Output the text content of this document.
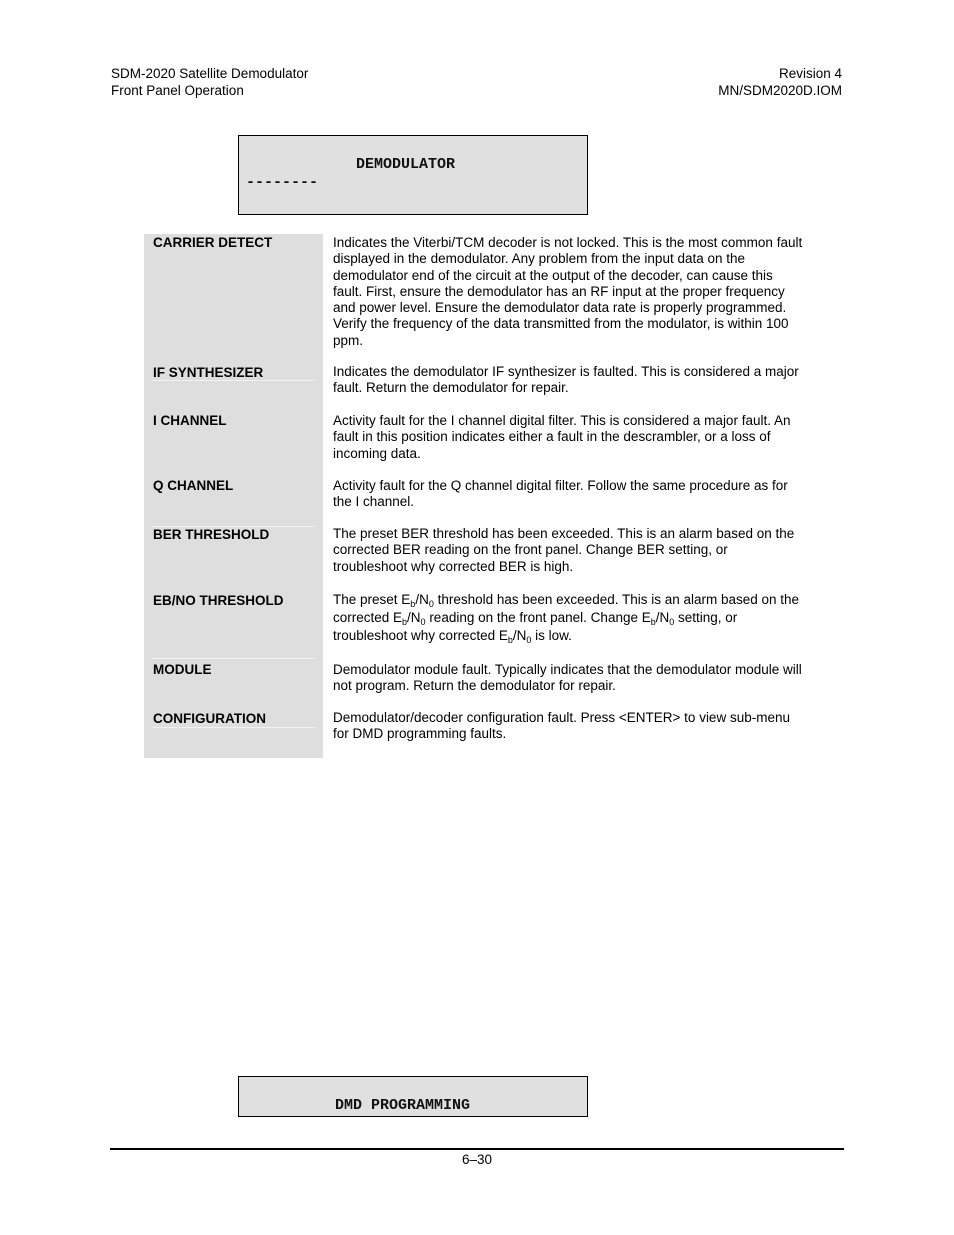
SDM-2020 Satellite Demodulator
Front Panel Operation
Revision 4
MN/SDM2020D.IOM
DEMODULATOR
--------
CARRIER DETECT	Indicates the Viterbi/TCM decoder is not locked. This is the most common fault displayed in the demodulator. Any problem from the input data on the demodulator end of the circuit at the output of the decoder, can cause this fault. First, ensure the demodulator has an RF input at the proper frequency and power level. Ensure the demodulator data rate is properly programmed. Verify the frequency of the data transmitted from the modulator, is within 100 ppm.
IF SYNTHESIZER	Indicates the demodulator IF synthesizer is faulted. This is considered a major fault. Return the demodulator for repair.
I CHANNEL	Activity fault for the I channel digital filter. This is considered a major fault. An fault in this position indicates either a fault in the descrambler, or a loss of incoming data.
Q CHANNEL	Activity fault for the Q channel digital filter. Follow the same procedure as for the I channel.
BER THRESHOLD	The preset BER threshold has been exceeded. This is an alarm based on the corrected BER reading on the front panel. Change BER setting, or troubleshoot why corrected BER is high.
EB/NO THRESHOLD	The preset $E_b/N_0$ threshold has been exceeded. This is an alarm based on the corrected $E_b/N_0$ reading on the front panel. Change $E_b/N_0$ setting, or troubleshoot why corrected $E_b/N_0$ is low.
MODULE	Demodulator module fault. Typically indicates that the demodulator module will not program. Return the demodulator for repair.
CONFIGURATION	Demodulator/decoder configuration fault. Press <ENTER> to view sub-menu for DMD programming faults.
DMD PROGRAMMING
6–30
